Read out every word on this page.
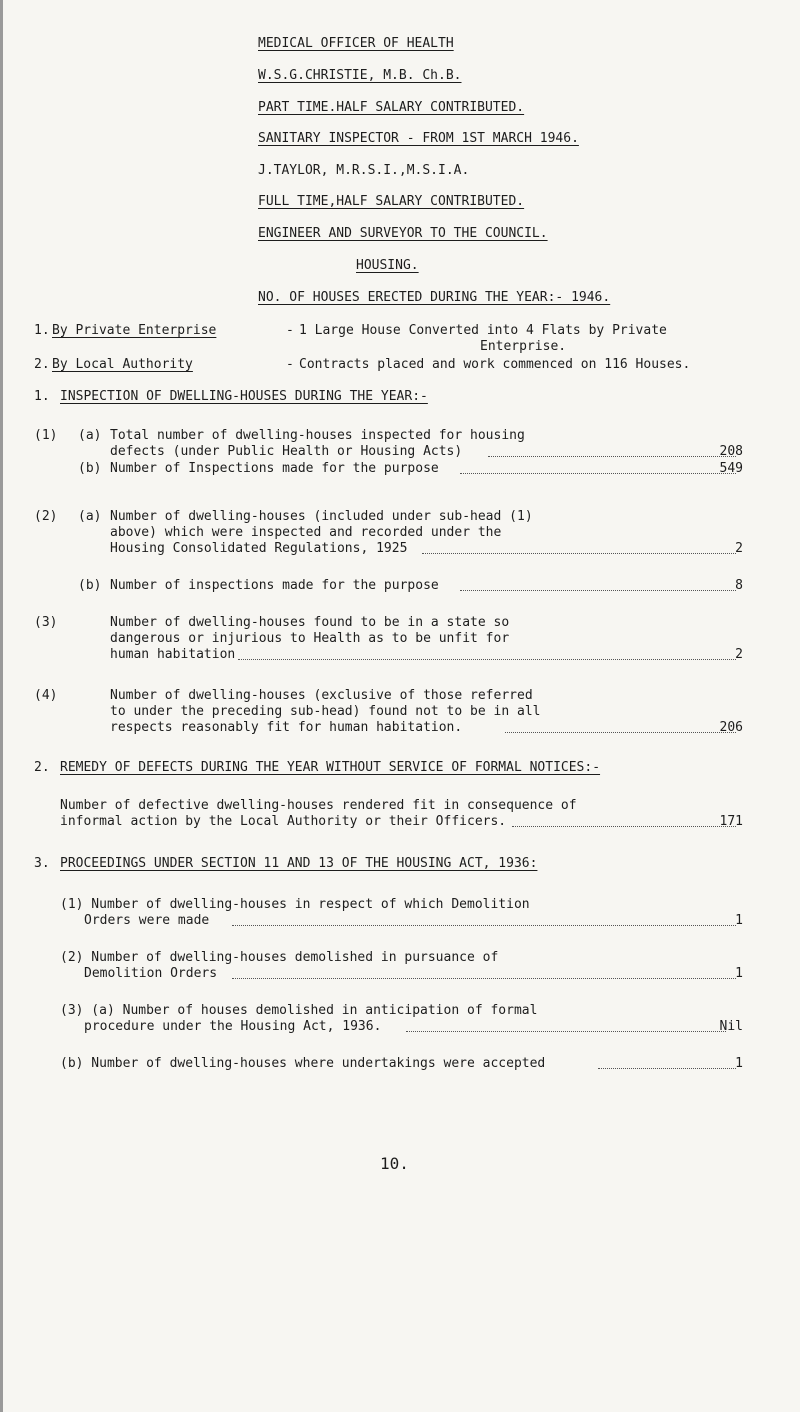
MEDICAL OFFICER OF HEALTH
W.S.G.CHRISTIE, M.B. Ch.B.
PART TIME.HALF SALARY CONTRIBUTED.
SANITARY INSPECTOR - FROM 1ST MARCH 1946.
J.TAYLOR, M.R.S.I.,M.S.I.A.
FULL TIME,HALF SALARY CONTRIBUTED.
ENGINEER AND SURVEYOR TO THE COUNCIL.
HOUSING.
NO. OF HOUSES ERECTED DURING THE YEAR:- 1946.
1. By Private Enterprise	- 1 Large House Converted into 4 Flats by Private
Enterprise.
2. By Local Authority	- Contracts placed and work commenced on 116 Houses.
1. INSPECTION OF DWELLING-HOUSES DURING THE YEAR:-
(1) (a) Total number of dwelling-houses inspected for housing
defects (under Public Health or Housing Acts)	208
(b) Number of Inspections made for the purpose	549
(2) (a) Number of dwelling-houses (included under sub-head (1)
above) which were inspected and recorded under the
Housing Consolidated Regulations, 1925	2
(b) Number of inspections made for the purpose	8
(3)	Number of dwelling-houses found to be in a state so
dangerous or injurious to Health as to be unfit for
human habitation	2
(4)	Number of dwelling-houses (exclusive of those referred
to under the preceding sub-head) found not to be in all
respects reasonably fit for human habitation.	206
2. REMEDY OF DEFECTS DURING THE YEAR WITHOUT SERVICE OF FORMAL NOTICES:-
Number of defective dwelling-houses rendered fit in consequence of
informal action by the Local Authority or their Officers.	171
3. PROCEEDINGS UNDER SECTION 11 AND 13 OF THE HOUSING ACT, 1936:
(1) Number of dwelling-houses in respect of which Demolition
Orders were made	1
(2) Number of dwelling-houses demolished in pursuance of
Demolition Orders	1
(3) (a) Number of houses demolished in anticipation of formal
procedure under the Housing Act, 1936.	Nil
(b) Number of dwelling-houses where undertakings were accepted	1
10.
